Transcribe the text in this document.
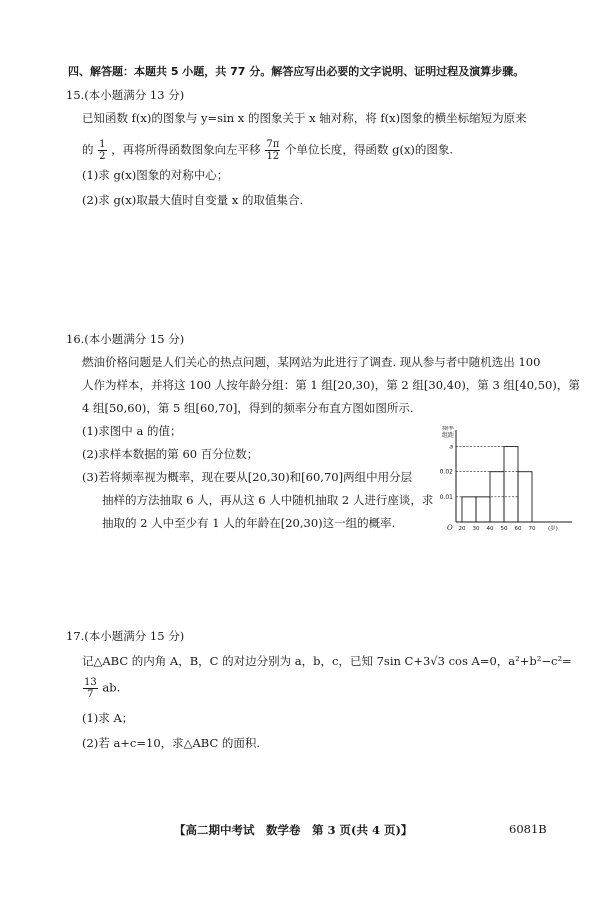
四、解答题：本题共 5 小题，共 77 分。解答应写出必要的文字说明、证明过程及演算步骤。
15.(本小题满分 13 分)
已知函数 f(x)的图象与 y=sin x 的图象关于 x 轴对称，将 f(x)图象的横坐标缩短为原来
的 $\frac{1}{2}$ ，再将所得函数图象向左平移 $\frac{7\pi}{12}$ 个单位长度，得函数 g(x)的图象.
(1)求 g(x)图象的对称中心；
(2)求 g(x)取最大值时自变量 x 的取值集合.
16.(本小题满分 15 分)
燃油价格问题是人们关心的热点问题，某网站为此进行了调查. 现从参与者中随机选出 100
人作为样本，并将这 100 人按年龄分组：第 1 组[20,30)，第 2 组[30,40)，第 3 组[40,50)，第
4 组[50,60)，第 5 组[60,70]，得到的频率分布直方图如图所示.
(1)求图中 a 的值；
(2)求样本数据的第 60 百分位数；
(3)若将频率视为概率，现在要从[20,30)和[60,70]两组中用分层
抽样的方法抽取 6 人，再从这 6 人中随机抽取 2 人进行座谈，求
抽取的 2 人中至少有 1 人的年龄在[20,30)这一组的概率.
频率
组距
O
0.01
0.02
a
20 30 40 50 60 70 (岁)
17.(本小题满分 15 分)
记△ABC 的内角 A，B，C 的对边分别为 a，b，c，已知 7sin C+3√3 cos A=0，a²+b²−c²=
$\frac{13}{7}$ ab.
(1)求 A；
(2)若 a+c=10，求△ABC 的面积.
【高二期中考试　数学卷　第 3 页(共 4 页)】	6081B
